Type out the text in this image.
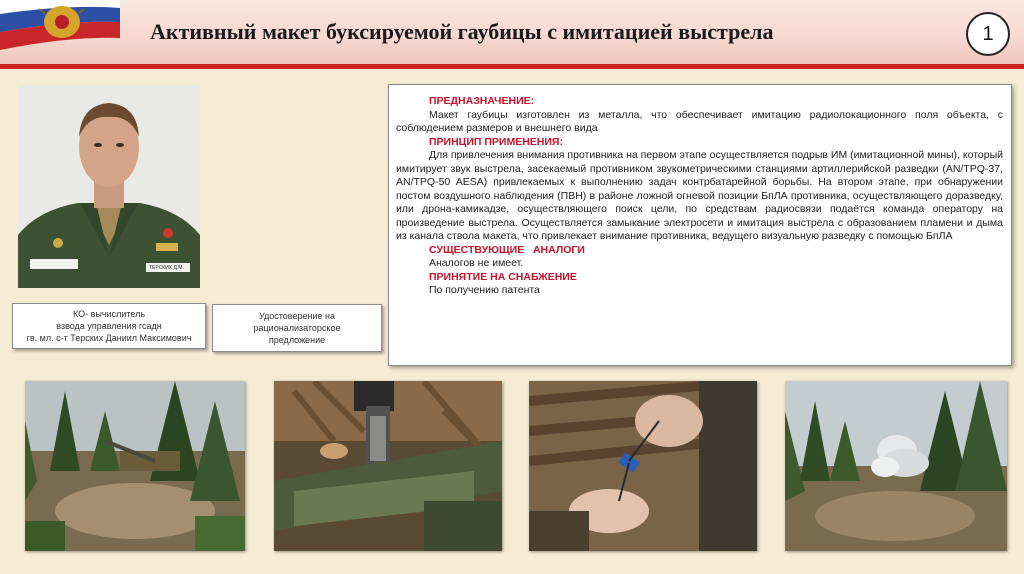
Активный макет буксируемой гаубицы с имитацией выстрела	1
ТЕРСКИХ Д.М.
КО- вычислитель
взвода управления гсадн
гв. мл. с-т Терских Даниил Максимович
Удостоверение на
рационализаторское
предложение
ПРЕДНАЗНАЧЕНИЕ:
Макет гаубицы изготовлен из металла, что обеспечивает имитацию радиолокационного поля объекта, с соблюдением размеров и внешнего вида
ПРИНЦИП ПРИМЕНЕНИЯ:
Для привлечения внимания противника на первом этапе осуществляется подрыв ИМ (имитационной мины), который имитирует звук выстрела, засекаемый противником звукометрическими станциями артиллерийской разведки (AN/TPQ-37, AN/TPQ-50 AESA) привлекаемых к выполнению задач контрбатарейной борьбы. На втором этапе, при обнаружении постом воздушного наблюдения (ПВН) в районе ложной огневой позиции БпЛА противника, осуществляющего доразведку, или дрона-камикадзе, осуществляющего поиск цели, по средствам радиосвязи подаётся команда оператору на произведение выстрела. Осуществляется замыкание электросети и имитация выстрела с образованием пламени и дыма из канала ствола макета, что привлекает внимание противника, ведущего визуальную разведку с помощью БпЛА
СУЩЕСТВУЮЩИЕ   АНАЛОГИ
Аналогов не имеет.
ПРИНЯТИЕ НА СНАБЖЕНИЕ
По получению патента
